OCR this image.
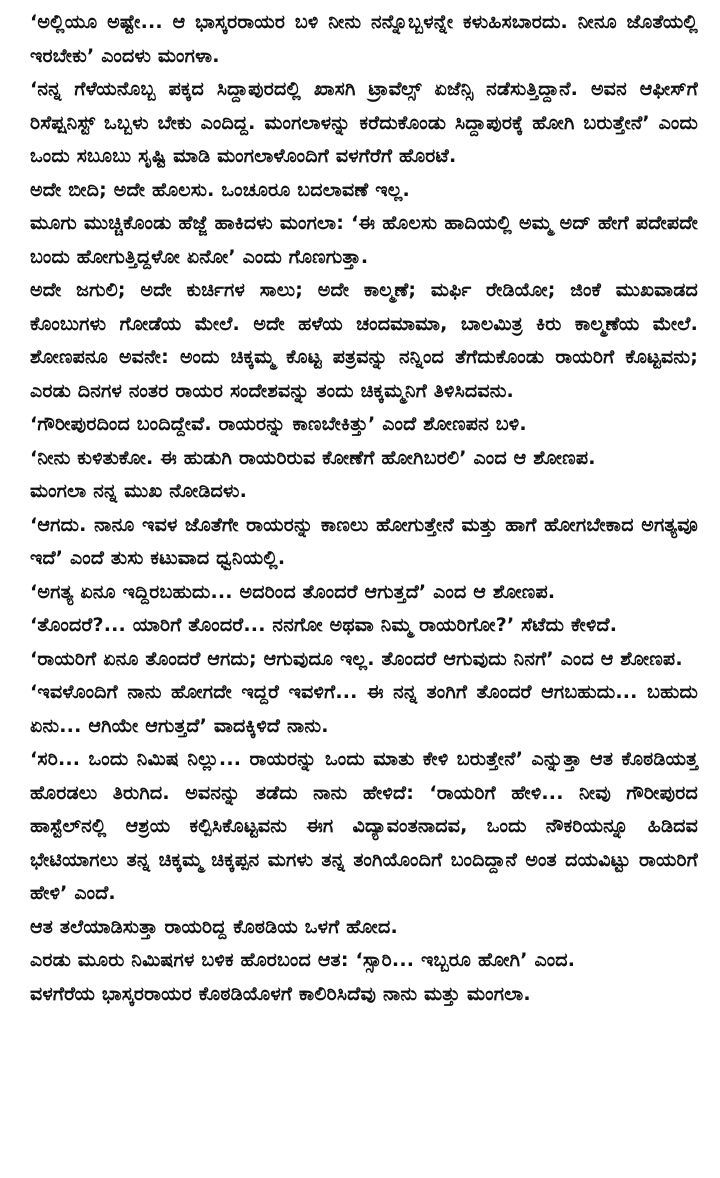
‘ಅಲ್ಲಿಯೂ ಅಷ್ಟೇ... ಆ ಭಾಸ್ಕರರಾಯರ ಬಳಿ ನೀನು ನನ್ನೊಬ್ಬಳನ್ನೇ ಕಳುಹಿಸಬಾರದು. ನೀನೂ ಜೊತೆಯಲ್ಲಿ ಇರಬೇಕು’ ಎಂದಳು ಮಂಗಳಾ.

‘ನನ್ನ ಗೆಳೆಯನೊಬ್ಬ ಪಕ್ಕದ ಸಿದ್ದಾಪುರದಲ್ಲಿ ಖಾಸಗಿ ಟ್ರಾವೆಲ್ಸ್ ಏಜೆನ್ಸಿ ನಡೆಸುತ್ತಿದ್ದಾನೆ. ಅವನ ಆಫೀಸ್‌ಗೆ ರಿಸೆಪ್ಷನಿಸ್ಟ್ ಒಬ್ಬಳು ಬೇಕು ಎಂದಿದ್ದ. ಮಂಗಲಾಳನ್ನು ಕರೆದುಕೊಂಡು ಸಿದ್ದಾಪುರಕ್ಕೆ ಹೋಗಿ ಬರುತ್ತೇನೆ’ ಎಂದು ಒಂದು ಸಬೂಬು ಸೃಷ್ಟಿ ಮಾಡಿ ಮಂಗಲಾಳೊಂದಿಗೆ ವಳಗೆರೆಗೆ ಹೊರಟೆ.

ಅದೇ ಬೀದಿ; ಅದೇ ಹೊಲಸು. ಒಂಚೂರೂ ಬದಲಾವಣೆ ಇಲ್ಲ.

ಮೂಗು ಮುಚ್ಚಿಕೊಂಡು ಹೆಜ್ಜೆ ಹಾಕಿದಳು ಮಂಗಲಾ: ‘ಈ ಹೊಲಸು ಹಾದಿಯಲ್ಲಿ ಅಮ್ಮ ಅದ್ ಹೇಗೆ ಪದೇಪದೇ ಬಂದು ಹೋಗುತ್ತಿದ್ದಳೋ ಏನೋ’ ಎಂದು ಗೊಣಗುತ್ತಾ.

ಅದೇ ಜಗುಲಿ; ಅದೇ ಕುರ್ಚಿಗಳ ಸಾಲು; ಅದೇ ಕಾಲ್ಮಣೆ; ಮರ್ಫಿ ರೇಡಿಯೋ; ಜಿಂಕೆ ಮುಖವಾಡದ ಕೊಂಬುಗಳು ಗೋಡೆಯ ಮೇಲೆ. ಅದೇ ಹಳೆಯ ಚಂದಮಾಮಾ, ಬಾಲಮಿತ್ರ ಕಿರು ಕಾಲ್ಮಣೆಯ ಮೇಲೆ. ಶೋಣಪನೂ ಅವನೇ: ಅಂದು ಚಿಕ್ಕಮ್ಮ ಕೊಟ್ಟ ಪತ್ರವನ್ನು ನನ್ನಿಂದ ತೆಗೆದುಕೊಂಡು ರಾಯರಿಗೆ ಕೊಟ್ಟವನು; ಎರಡು ದಿನಗಳ ನಂತರ ರಾಯರ ಸಂದೇಶವನ್ನು ತಂದು ಚಿಕ್ಕಮ್ಮನಿಗೆ ತಿಳಿಸಿದವನು.

‘ಗೌರೀಪುರದಿಂದ ಬಂದಿದ್ದೇವೆ. ರಾಯರನ್ನು ಕಾಣಬೇಕಿತ್ತು’ ಎಂದೆ ಶೋಣಪನ ಬಳಿ.

‘ನೀನು ಕುಳಿತುಕೋ. ಈ ಹುಡುಗಿ ರಾಯರಿರುವ ಕೋಣೆಗೆ ಹೋಗಿಬರಲಿ’ ಎಂದ ಆ ಶೋಣಪ.

ಮಂಗಲಾ ನನ್ನ ಮುಖ ನೋಡಿದಳು.

‘ಆಗದು. ನಾನೂ ಇವಳ ಜೊತೆಗೇ ರಾಯರನ್ನು ಕಾಣಲು ಹೋಗುತ್ತೇನೆ ಮತ್ತು ಹಾಗೆ ಹೋಗಬೇಕಾದ ಅಗತ್ಯವೂ ಇದೆ’ ಎಂದೆ ತುಸು ಕಟುವಾದ ಧ್ವನಿಯಲ್ಲಿ.

‘ಅಗತ್ಯ ಏನೂ ಇದ್ದಿರಬಹುದು... ಅದರಿಂದ ತೊಂದರೆ ಆಗುತ್ತದೆ’ ಎಂದ ಆ ಶೋಣಪ.

‘ತೊಂದರೆ?... ಯಾರಿಗೆ ತೊಂದರೆ... ನನಗೋ ಅಥವಾ ನಿಮ್ಮ ರಾಯರಿಗೋ?’ ಸೆಟೆದು ಕೇಳಿದೆ.

‘ರಾಯರಿಗೆ ಏನೂ ತೊಂದರೆ ಆಗದು; ಆಗುವುದೂ ಇಲ್ಲ. ತೊಂದರೆ ಆಗುವುದು ನಿನಗೆ’ ಎಂದ ಆ ಶೋಣಪ.

‘ಇವಳೊಂದಿಗೆ ನಾನು ಹೋಗದೇ ಇದ್ದರೆ ಇವಳಿಗೆ... ಈ ನನ್ನ ತಂಗಿಗೆ ತೊಂದರೆ ಆಗಬಹುದು... ಬಹುದು ಏನು... ಆಗಿಯೇ ಆಗುತ್ತದೆ’ ವಾದಕ್ಕಿಳಿದೆ ನಾನು.

‘ಸರಿ... ಒಂದು ನಿಮಿಷ ನಿಲ್ಲು... ರಾಯರನ್ನು ಒಂದು ಮಾತು ಕೇಳಿ ಬರುತ್ತೇನೆ’ ಎನ್ನುತ್ತಾ ಆತ ಕೊಠಡಿಯತ್ತ ಹೊರಡಲು ತಿರುಗಿದ. ಅವನನ್ನು ತಡೆದು ನಾನು ಹೇಳಿದೆ: ‘ರಾಯರಿಗೆ ಹೇಳಿ... ನೀವು ಗೌರೀಪುರದ ಹಾಸ್ಟೆಲ್‌ನಲ್ಲಿ ಆಶ್ರಯ ಕಲ್ಪಿಸಿಕೊಟ್ಟವನು ಈಗ ವಿದ್ಯಾವಂತನಾದವ, ಒಂದು ನೌಕರಿಯನ್ನೂ ಹಿಡಿದವ ಭೇಟಿಯಾಗಲು ತನ್ನ ಚಿಕ್ಕಮ್ಮ ಚಿಕ್ಕಪ್ಪನ ಮಗಳು ತನ್ನ ತಂಗಿಯೊಂದಿಗೆ ಬಂದಿದ್ದಾನೆ ಅಂತ ದಯವಿಟ್ಟು ರಾಯರಿಗೆ ಹೇಳಿ’ ಎಂದೆ.

ಆತ ತಲೆಯಾಡಿಸುತ್ತಾ ರಾಯರಿದ್ದ ಕೊಠಡಿಯ ಒಳಗೆ ಹೋದ.

ಎರಡು ಮೂರು ನಿಮಿಷಗಳ ಬಳಿಕ ಹೊರಬಂದ ಆತ: ‘ಸ್ಸಾರಿ... ಇಬ್ಬರೂ ಹೋಗಿ’ ಎಂದ.

ವಳಗೆರೆಯ ಭಾಸ್ಕರರಾಯರ ಕೊಠಡಿಯೊಳಗೆ ಕಾಲಿರಿಸಿದೆವು ನಾನು ಮತ್ತು ಮಂಗಲಾ.
